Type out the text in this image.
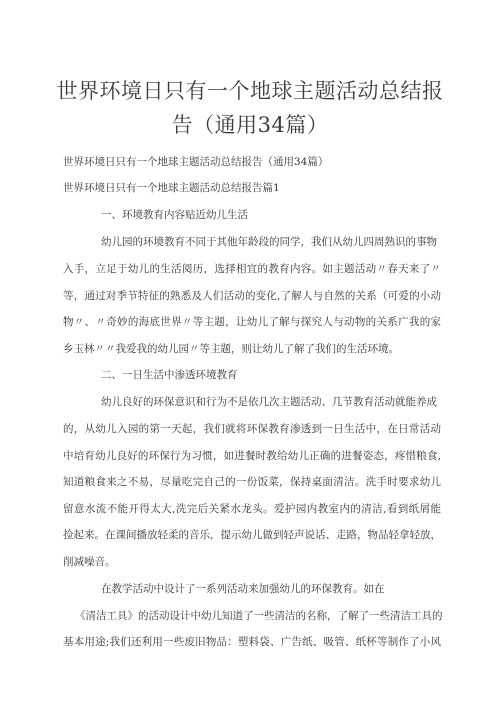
世界环境日只有一个地球主题活动总结报
告（通用34篇）
世界环境日只有一个地球主题活动总结报告（通用34篇）
世界环境日只有一个地球主题活动总结报告篇1
一、环境教育内容贴近幼儿生活
幼儿园的环境教育不同于其他年龄段的同学，我们从幼儿四周熟识的事物
入手，立足于幼儿的生活阅历，选择相宜的教育内容。如主题活动〃春天来了〃
等，通过对季节特征的熟悉及人们活动的变化,了解人与自然的关系（可爱的小动
物〃、〃奇妙的海底世界〃等主题，让幼儿了解与探究人与动物的关系广我的家
乡玉林〃〃我爱我的幼儿园〃等主题，则让幼儿了解了我们的生活环境。
二、一日生活中渗透环境教育
幼儿良好的环保意识和行为不是依几次主题活动、几节教育活动就能养成
的，从幼儿入园的第一天起，我们就将环保教育渗透到一日生活中，在日常活动
中培育幼儿良好的环保行为习惯，如进餐时教给幼儿正确的进餐姿态，疼惜粮食,
知道粮食来之不易，尽量吃完自己的一份饭菜，保持桌面清洁。洗手时要求幼儿
留意水流不能开得太大,洗完后关紧水龙头。爱护园内教室内的清洁,看到纸屑能
捡起来。在课间播放轻柔的音乐，提示幼儿做到轻声说话、走路，物品轻拿轻放，
削减噪音。
在教学活动中设计了一系列活动来加强幼儿的环保教育。如在
《清洁工具》的活动设计中幼儿知道了一些清洁的名称，了解了一些清洁工具的
基本用途;我们还利用一些废旧物品：塑料袋、广告纸、吸管、纸杯等制作了小风
